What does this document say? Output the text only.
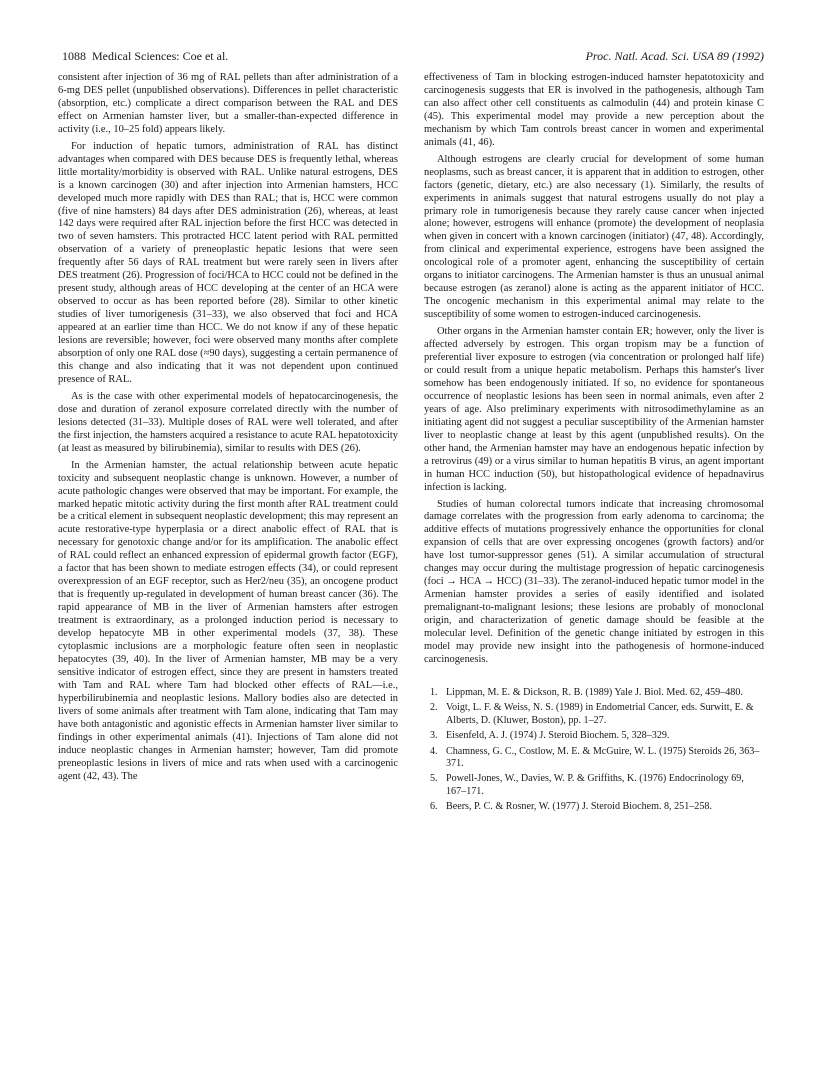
1088 Medical Sciences: Coe et al.	Proc. Natl. Acad. Sci. USA 89 (1992)

consistent after injection of 36 mg of RAL pellets than after administration of a 6-mg DES pellet (unpublished observations). Differences in pellet characteristic (absorption, etc.) complicate a direct comparison between the RAL and DES effect on Armenian hamster liver, but a smaller-than-expected difference in activity (i.e., 10–25 fold) appears likely.

For induction of hepatic tumors, administration of RAL has distinct advantages when compared with DES because DES is frequently lethal, whereas little mortality/morbidity is observed with RAL. Unlike natural estrogens, DES is a known carcinogen (30) and after injection into Armenian hamsters, HCC developed much more rapidly with DES than RAL; that is, HCC were common (five of nine hamsters) 84 days after DES administration (26), whereas, at least 142 days were required after RAL injection before the first HCC was detected in two of seven hamsters. This protracted HCC latent period with RAL permitted observation of a variety of preneoplastic hepatic lesions that were seen frequently after 56 days of RAL treatment but were rarely seen in livers after DES treatment (26). Progression of foci/HCA to HCC could not be defined in the present study, although areas of HCC developing at the center of an HCA were observed to occur as has been reported before (28). Similar to other kinetic studies of liver tumorigenesis (31–33), we also observed that foci and HCA appeared at an earlier time than HCC. We do not know if any of these hepatic lesions are reversible; however, foci were observed many months after complete absorption of only one RAL dose (≈90 days), suggesting a certain permanence of this change and also indicating that it was not dependent upon continued presence of RAL.

As is the case with other experimental models of hepatocarcinogenesis, the dose and duration of zeranol exposure correlated directly with the number of lesions detected (31–33). Multiple doses of RAL were well tolerated, and after the first injection, the hamsters acquired a resistance to acute RAL hepatotoxicity (at least as measured by bilirubinemia), similar to results with DES (26).

In the Armenian hamster, the actual relationship between acute hepatic toxicity and subsequent neoplastic change is unknown. However, a number of acute pathologic changes were observed that may be important. For example, the marked hepatic mitotic activity during the first month after RAL treatment could be a critical element in subsequent neoplastic development; this may represent an acute restorative-type hyperplasia or a direct anabolic effect of RAL that is necessary for genotoxic change and/or for its amplification. The anabolic effect of RAL could reflect an enhanced expression of epidermal growth factor (EGF), a factor that has been shown to mediate estrogen effects (34), or could represent overexpression of an EGF receptor, such as Her2/neu (35), an oncogene product that is frequently up-regulated in development of human breast cancer (36). The rapid appearance of MB in the liver of Armenian hamsters after estrogen treatment is extraordinary, as a prolonged induction period is necessary to develop hepatocyte MB in other experimental models (37, 38). These cytoplasmic inclusions are a morphologic feature often seen in neoplastic hepatocytes (39, 40). In the liver of Armenian hamster, MB may be a very sensitive indicator of estrogen effect, since they are present in hamsters treated with Tam and RAL where Tam had blocked other effects of RAL—i.e., hyperbilirubinemia and neoplastic lesions. Mallory bodies also are detected in livers of some animals after treatment with Tam alone, indicating that Tam may have both antagonistic and agonistic effects in Armenian hamster liver similar to findings in other experimental animals (41). Injections of Tam alone did not induce neoplastic changes in Armenian hamster; however, Tam did promote preneoplastic lesions in livers of mice and rats when used with a carcinogenic agent (42, 43). The

effectiveness of Tam in blocking estrogen-induced hamster hepatotoxicity and carcinogenesis suggests that ER is involved in the pathogenesis, although Tam can also affect other cell constituents as calmodulin (44) and protein kinase C (45). This experimental model may provide a new perception about the mechanism by which Tam controls breast cancer in women and experimental animals (41, 46).

Although estrogens are clearly crucial for development of some human neoplasms, such as breast cancer, it is apparent that in addition to estrogen, other factors (genetic, dietary, etc.) are also necessary (1). Similarly, the results of experiments in animals suggest that natural estrogens usually do not play a primary role in tumorigenesis because they rarely cause cancer when injected alone; however, estrogens will enhance (promote) the development of neoplasia when given in concert with a known carcinogen (initiator) (47, 48). Accordingly, from clinical and experimental experience, estrogens have been assigned the oncological role of a promoter agent, enhancing the susceptibility of certain organs to initiator carcinogens. The Armenian hamster is thus an unusual animal because estrogen (as zeranol) alone is acting as the apparent initiator of HCC. The oncogenic mechanism in this experimental animal may relate to the susceptibility of some women to estrogen-induced carcinogenesis.

Other organs in the Armenian hamster contain ER; however, only the liver is affected adversely by estrogen. This organ tropism may be a function of preferential liver exposure to estrogen (via concentration or prolonged half life) or could result from a unique hepatic metabolism. Perhaps this hamster's liver somehow has been endogenously initiated. If so, no evidence for spontaneous occurrence of neoplastic lesions has been seen in normal animals, even after 2 years of age. Also preliminary experiments with nitrosodimethylamine as an initiating agent did not suggest a peculiar susceptibility of the Armenian hamster liver to neoplastic change at least by this agent (unpublished results). On the other hand, the Armenian hamster may have an endogenous hepatic infection by a retrovirus (49) or a virus similar to human hepatitis B virus, an agent important in human HCC induction (50), but histopathological evidence of hepadnavirus infection is lacking.

Studies of human colorectal tumors indicate that increasing chromosomal damage correlates with the progression from early adenoma to carcinoma; the additive effects of mutations progressively enhance the opportunities for clonal expansion of cells that are over expressing oncogenes (growth factors) and/or have lost tumor-suppressor genes (51). A similar accumulation of structural changes may occur during the multistage progression of hepatic carcinogenesis (foci → HCA → HCC) (31–33). The zeranol-induced hepatic tumor model in the Armenian hamster provides a series of easily identified and isolated premalignant-to-malignant lesions; these lesions are probably of monoclonal origin, and characterization of genetic damage should be feasible at the molecular level. Definition of the genetic change initiated by estrogen in this model may provide new insight into the pathogenesis of hormone-induced carcinogenesis.

1. Lippman, M. E. & Dickson, R. B. (1989) Yale J. Biol. Med. 62, 459–480.
2. Voigt, L. F. & Weiss, N. S. (1989) in Endometrial Cancer, eds. Surwitt, E. & Alberts, D. (Kluwer, Boston), pp. 1–27.
3. Eisenfeld, A. J. (1974) J. Steroid Biochem. 5, 328–329.
4. Chamness, G. C., Costlow, M. E. & McGuire, W. L. (1975) Steroids 26, 363–371.
5. Powell-Jones, W., Davies, W. P. & Griffiths, K. (1976) Endocrinology 69, 167–171.
6. Beers, P. C. & Rosner, W. (1977) J. Steroid Biochem. 8, 251–258.
